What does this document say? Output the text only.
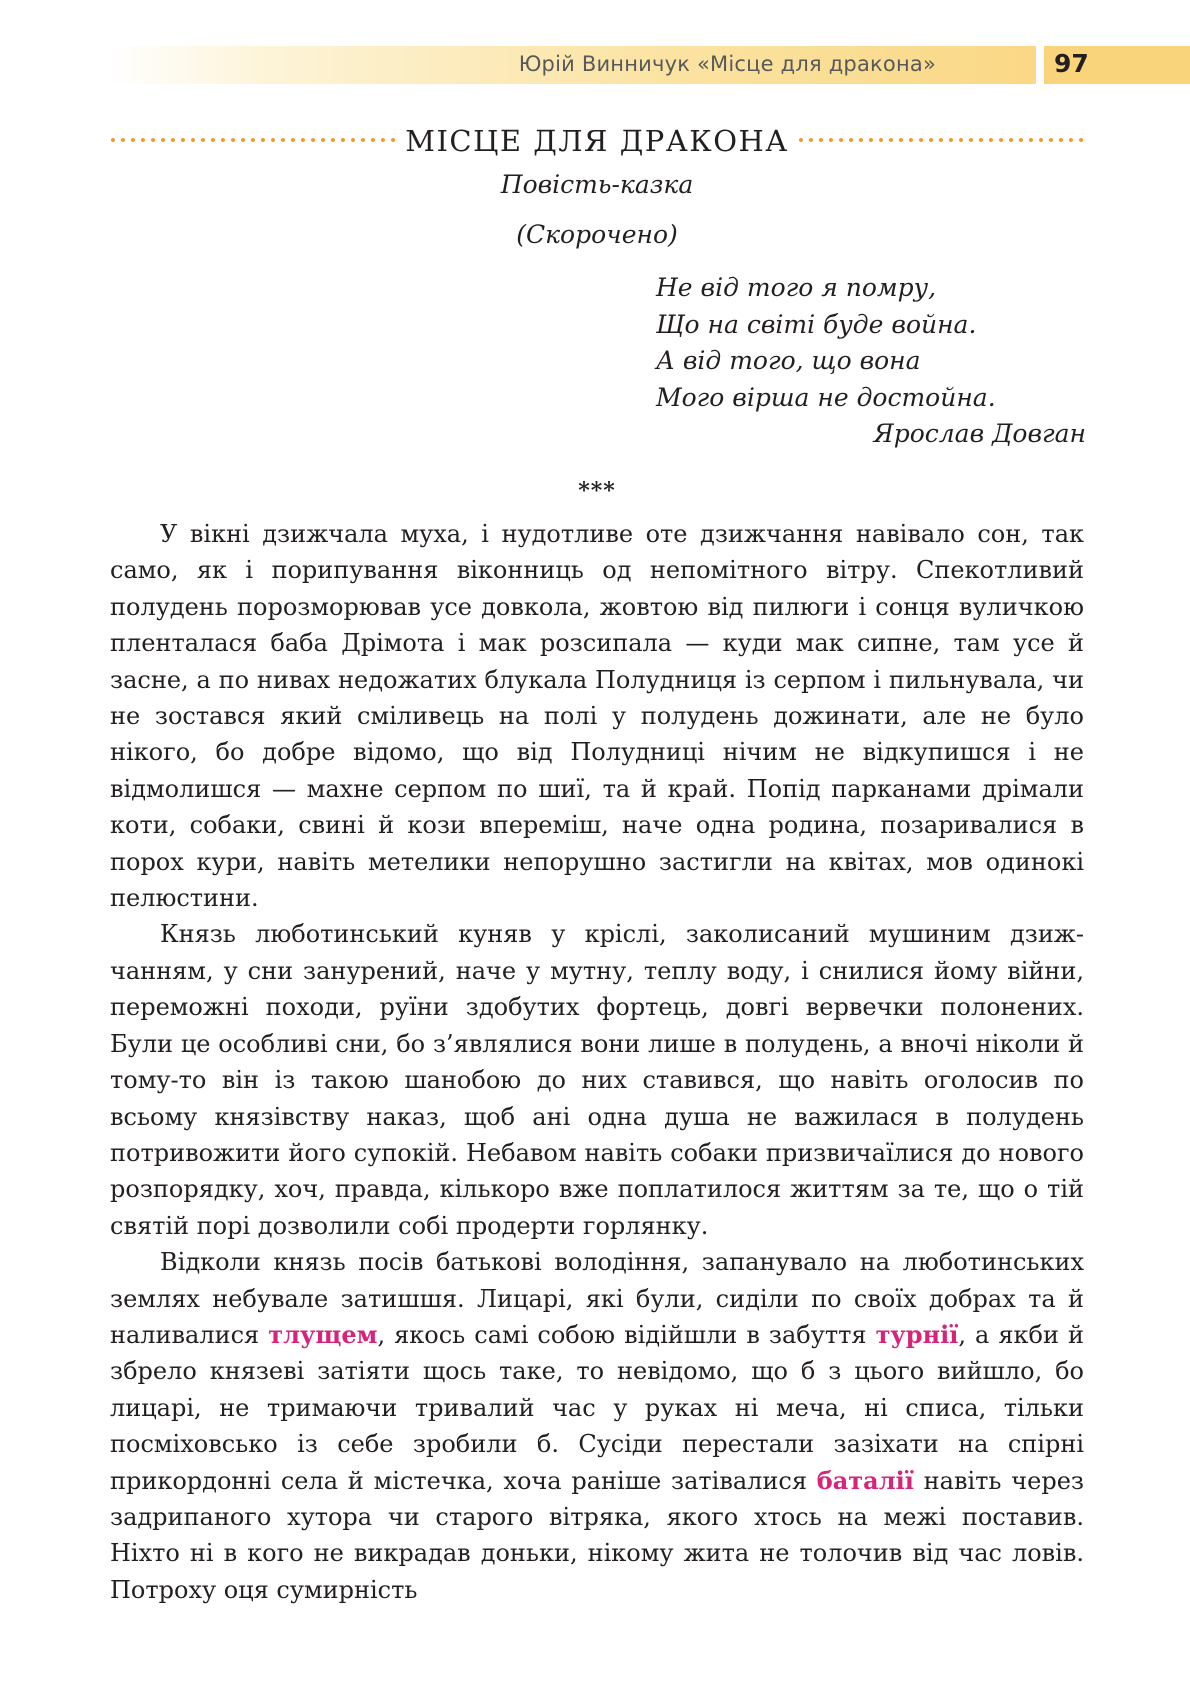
Юрій Винничук «Місце для дракона»	97
МІСЦЕ ДЛЯ ДРАКОНА
Повість-казка
(Скорочено)
Не від того я помру,
Що на світі буде война.
А від того, що вона
Мого вірша не достойна.
Ярослав Довган
***

У вікні дзижчала муха, і нудотливе оте дзижчання навівало сон, так само, як і порипування віконниць од непомітного вітру. Спекотливий полудень порозморював усе довкола, жовтою від пилюги і сонця вуличкою пленталася баба Дрімота і мак розсипала — куди мак сипне, там усе й засне, а по нивах недожатих блукала Полудниця із серпом і пильнувала, чи не зостався який сміливець на полі у полудень дожинати, але не було нікого, бо добре відомо, що від Полудниці нічим не відкупишся і не відмолишся — махне серпом по шиї, та й край. Попід парканами дрімали коти, собаки, свині й кози впереміш, наче одна родина, позаривалися в порох кури, навіть метелики непорушно застигли на квітах, мов одинокі пелюстини.

Князь люботинський куняв у кріслі, заколисаний мушиним дзижчанням, у сни занурений, наче у мутну, теплу воду, і снилися йому війни, переможні походи, руїни здобутих фортець, довгі вервечки полонених. Були це особливі сни, бо з’являлися вони лише в полудень, а вночі ніколи й тому-то він із такою шанобою до них ставився, що навіть оголосив по всьому князівству наказ, щоб ані одна душа не важилася в полудень потривожити його супокій. Небавом навіть собаки призвичаїлися до нового розпорядку, хоч, правда, кількоро вже поплатилося життям за те, що о тій святій порі дозволили собі продерти горлянку.

Відколи князь посів батькові володіння, запанувало на люботинських землях небувале затишшя. Лицарі, які були, сиділи по своїх добрах та й наливалися тлущем, якось самі собою відійшли в забуття турнії, а якби й збрело князеві затіяти щось таке, то невідомо, що б з цього вийшло, бо лицарі, не тримаючи тривалий час у руках ні меча, ні списа, тільки посміховсько із себе зробили б. Сусіди перестали зазіхати на спірні прикордонні села й містечка, хоча раніше затівалися баталії навіть через задрипаного хутора чи старого вітряка, якого хтось на межі поставив. Ніхто ні в кого не викрадав доньки, нікому жита не толочив від час ловів. Потроху оця сумирність
